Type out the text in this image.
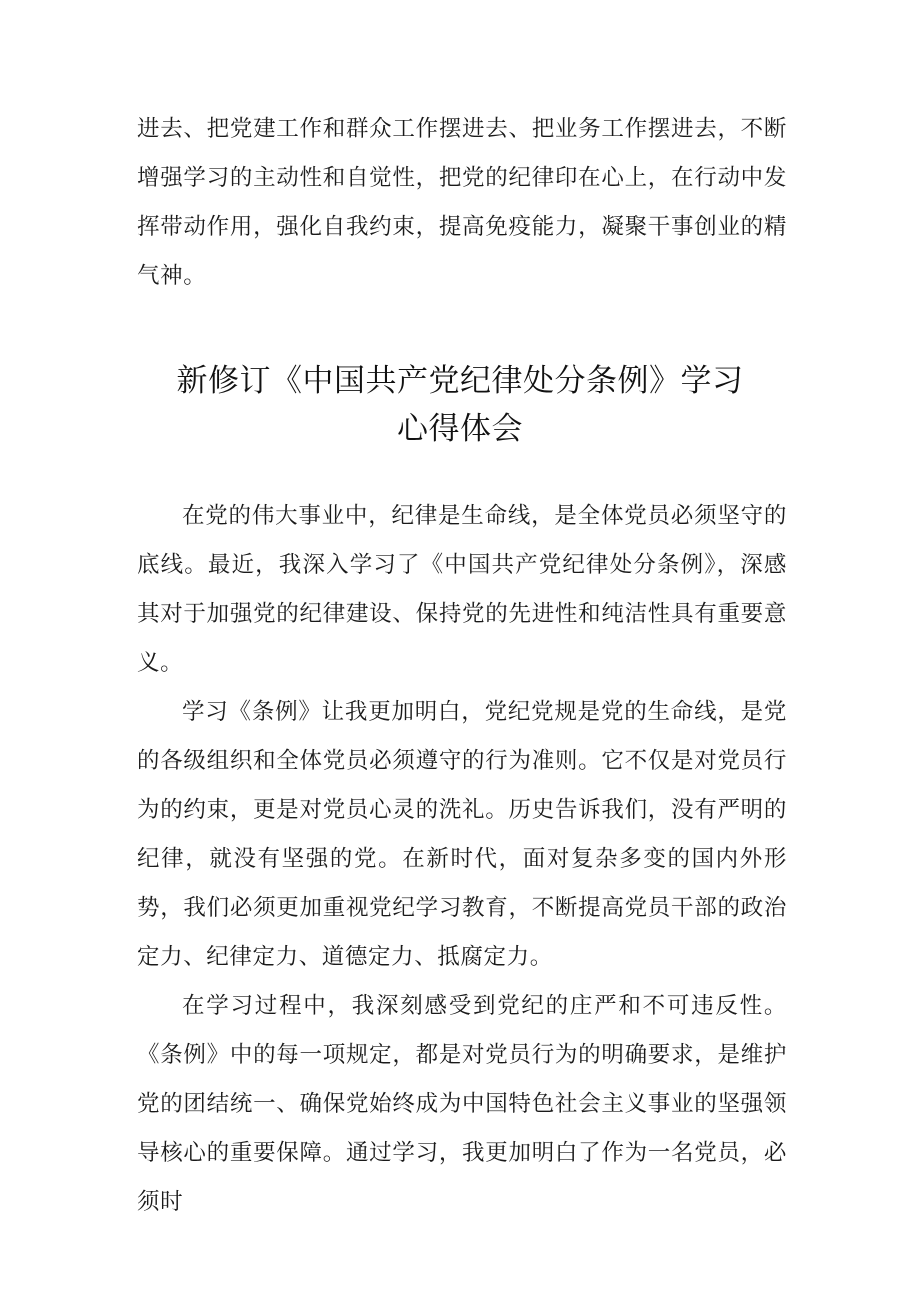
进去、把党建工作和群众工作摆进去、把业务工作摆进去，不断增强学习的主动性和自觉性，把党的纪律印在心上，在行动中发挥带动作用，强化自我约束，提高免疫能力，凝聚干事创业的精气神。

新修订《中国共产党纪律处分条例》学习
心得体会

在党的伟大事业中，纪律是生命线，是全体党员必须坚守的底线。最近，我深入学习了《中国共产党纪律处分条例》，深感其对于加强党的纪律建设、保持党的先进性和纯洁性具有重要意义。

学习《条例》让我更加明白，党纪党规是党的生命线，是党的各级组织和全体党员必须遵守的行为准则。它不仅是对党员行为的约束，更是对党员心灵的洗礼。历史告诉我们，没有严明的纪律，就没有坚强的党。在新时代，面对复杂多变的国内外形势，我们必须更加重视党纪学习教育，不断提高党员干部的政治定力、纪律定力、道德定力、抵腐定力。

在学习过程中，我深刻感受到党纪的庄严和不可违反性。《条例》中的每一项规定，都是对党员行为的明确要求，是维护党的团结统一、确保党始终成为中国特色社会主义事业的坚强领导核心的重要保障。通过学习，我更加明白了作为一名党员，必须时
